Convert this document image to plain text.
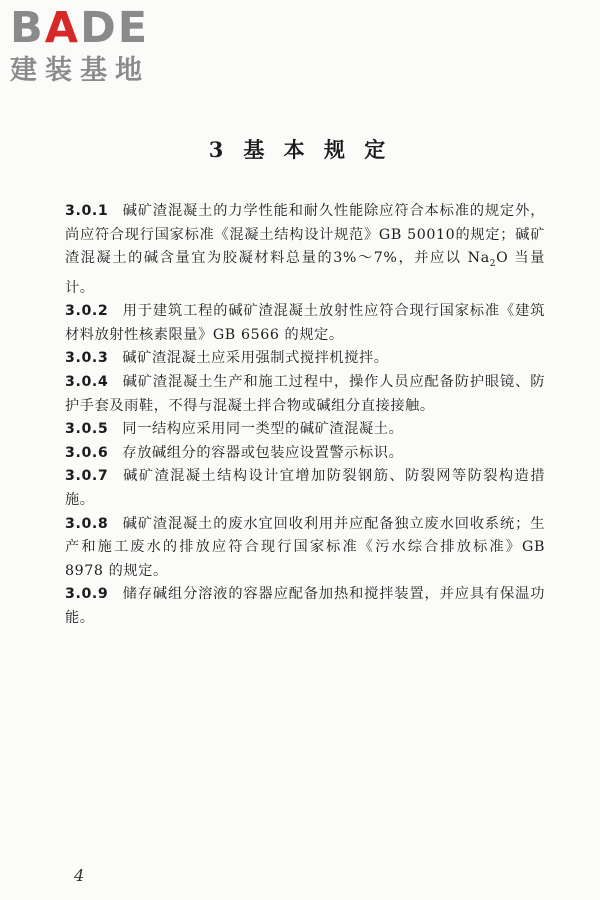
BADE
建装基地
3 基 本 规 定

3.0.1 碱矿渣混凝土的力学性能和耐久性能除应符合本标准的规定外，尚应符合现行国家标准《混凝土结构设计规范》GB 50010的规定；碱矿渣混凝土的碱含量宜为胶凝材料总量的3%～7%，并应以 $Na_2O$ 当量计。

3.0.2 用于建筑工程的碱矿渣混凝土放射性应符合现行国家标准《建筑材料放射性核素限量》GB 6566 的规定。

3.0.3 碱矿渣混凝土应采用强制式搅拌机搅拌。

3.0.4 碱矿渣混凝土生产和施工过程中，操作人员应配备防护眼镜、防护手套及雨鞋，不得与混凝土拌合物或碱组分直接接触。

3.0.5 同一结构应采用同一类型的碱矿渣混凝土。

3.0.6 存放碱组分的容器或包装应设置警示标识。

3.0.7 碱矿渣混凝土结构设计宜增加防裂钢筋、防裂网等防裂构造措施。

3.0.8 碱矿渣混凝土的废水宜回收利用并应配备独立废水回收系统；生产和施工废水的排放应符合现行国家标准《污水综合排放标准》GB 8978 的规定。

3.0.9 储存碱组分溶液的容器应配备加热和搅拌装置，并应具有保温功能。

4
